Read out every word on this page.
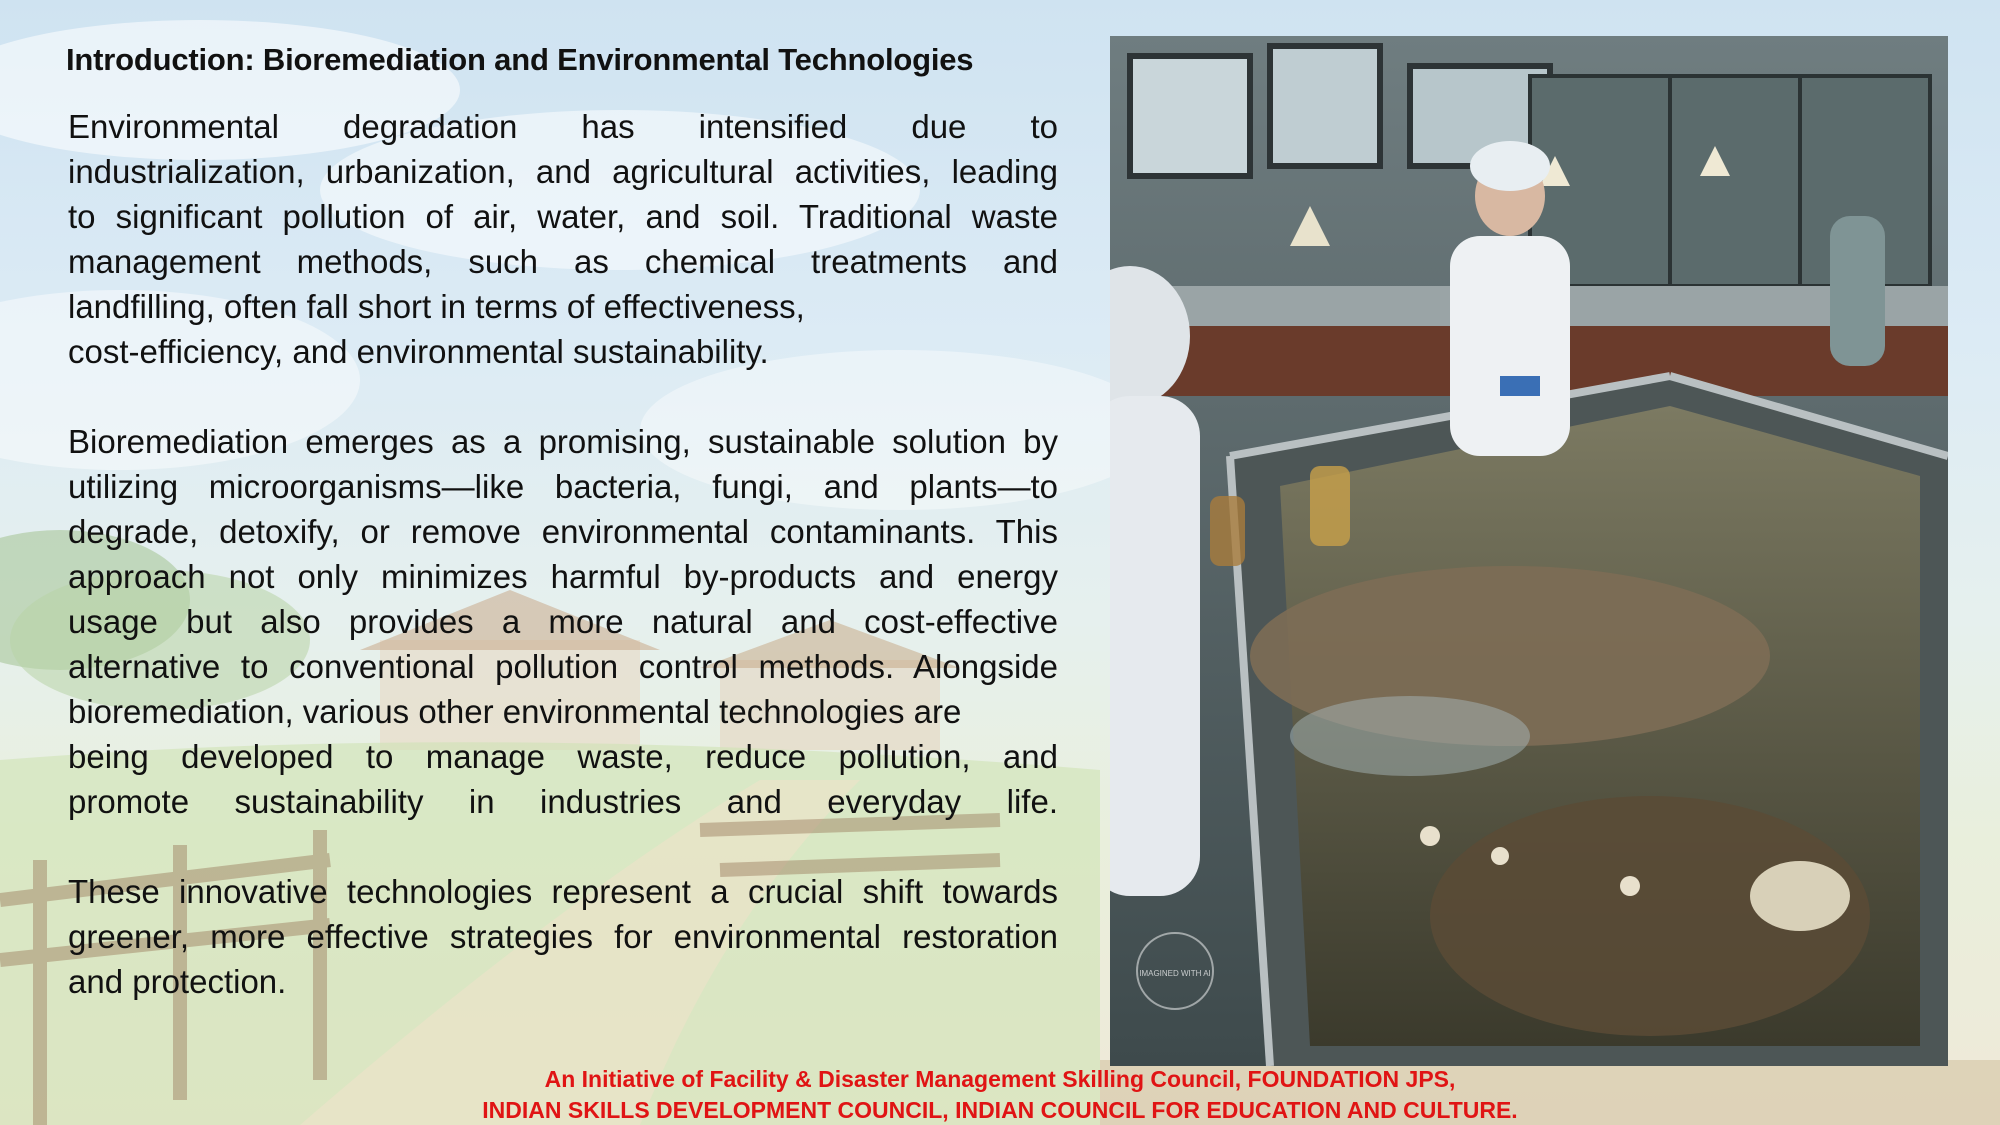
Introduction: Bioremediation and Environmental Technologies

Environmental degradation has intensified due to
industrialization, urbanization, and agricultural activities, leading
to significant pollution of air, water, and soil. Traditional waste
management methods, such as chemical treatments and
landfilling, often fall short in terms of effectiveness,
cost-efficiency, and environmental sustainability.

Bioremediation emerges as a promising, sustainable solution by
utilizing microorganisms—like bacteria, fungi, and plants—to
degrade, detoxify, or remove environmental contaminants. This
approach not only minimizes harmful by-products and energy
usage but also provides a more natural and cost-effective
alternative to conventional pollution control methods. Alongside
bioremediation, various other environmental technologies are
being developed to manage waste, reduce pollution, and
promote sustainability in industries and everyday life.

These innovative technologies represent a crucial shift towards
greener, more effective strategies for environmental restoration
and protection.	IMAGINED WITH AI
An Initiative of Facility & Disaster Management Skilling Council, FOUNDATION JPS,
INDIAN SKILLS DEVELOPMENT COUNCIL, INDIAN COUNCIL FOR EDUCATION AND CULTURE.
